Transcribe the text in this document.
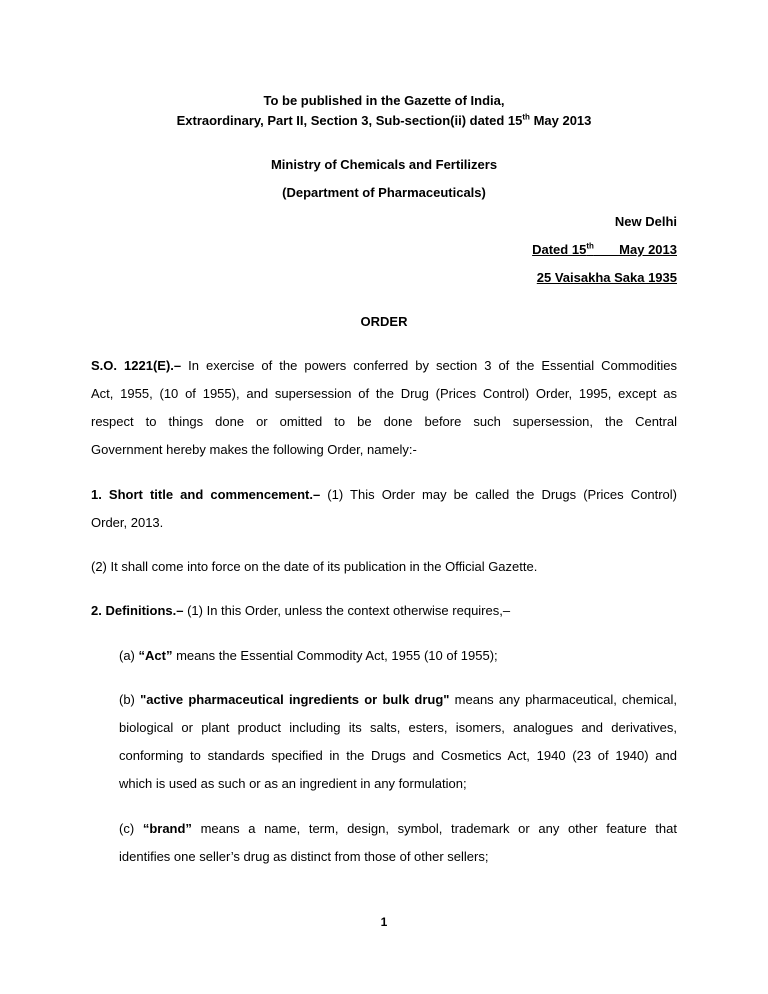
To be published in the Gazette of India,
Extraordinary, Part II, Section 3, Sub-section(ii) dated 15th May 2013
Ministry of Chemicals and Fertilizers
(Department of Pharmaceuticals)
New Delhi
Dated 15th ___May 2013
25 Vaisakha Saka 1935
ORDER
S.O. 1221(E).– In exercise of the powers conferred by section 3 of the Essential Commodities
Act, 1955, (10 of 1955), and supersession of the Drug (Prices Control) Order, 1995, except as
respect to things done or omitted to be done before such supersession, the Central
Government hereby makes the following Order, namely:-
1. Short title and commencement.– (1) This Order may be called the Drugs (Prices Control)
Order, 2013.
(2) It shall come into force on the date of its publication in the Official Gazette.
2. Definitions.– (1) In this Order, unless the context otherwise requires,–
(a) “Act” means the Essential Commodity Act, 1955 (10 of 1955);
(b) "active pharmaceutical ingredients or bulk drug" means any pharmaceutical, chemical,
biological or plant product including its salts, esters, isomers, analogues and derivatives,
conforming to standards specified in the Drugs and Cosmetics Act, 1940 (23 of 1940) and
which is used as such or as an ingredient in any formulation;
(c) “brand” means a name, term, design, symbol, trademark or any other feature that
identifies one seller’s drug as distinct from those of other sellers;
1
